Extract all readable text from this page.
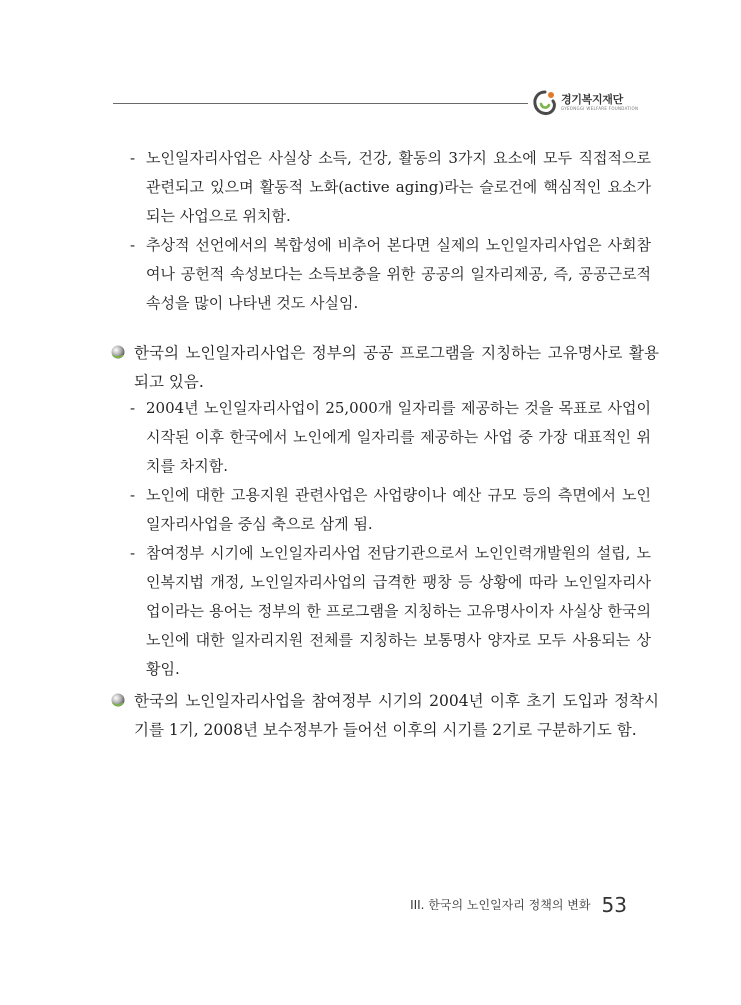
경기복지재단
GYEONGGI WELFARE FOUNDATION
- 노인일자리사업은 사실상 소득, 건강, 활동의 3가지 요소에 모두 직접적으로 관련되고 있으며 활동적 노화(active aging)라는 슬로건에 핵심적인 요소가 되는 사업으로 위치함.
- 추상적 선언에서의 복합성에 비추어 본다면 실제의 노인일자리사업은 사회참여나 공헌적 속성보다는 소득보충을 위한 공공의 일자리제공, 즉, 공공근로적 속성을 많이 나타낸 것도 사실임.
한국의 노인일자리사업은 정부의 공공 프로그램을 지칭하는 고유명사로 활용되고 있음.
- 2004년 노인일자리사업이 25,000개 일자리를 제공하는 것을 목표로 사업이 시작된 이후 한국에서 노인에게 일자리를 제공하는 사업 중 가장 대표적인 위치를 차지함.
- 노인에 대한 고용지원 관련사업은 사업량이나 예산 규모 등의 측면에서 노인일자리사업을 중심 축으로 삼게 됨.
- 참여정부 시기에 노인일자리사업 전담기관으로서 노인인력개발원의 설립, 노인복지법 개정, 노인일자리사업의 급격한 팽창 등 상황에 따라 노인일자리사업이라는 용어는 정부의 한 프로그램을 지칭하는 고유명사이자 사실상 한국의 노인에 대한 일자리지원 전체를 지칭하는 보통명사 양자로 모두 사용되는 상황임.
한국의 노인일자리사업을 참여정부 시기의 2004년 이후 초기 도입과 정착시기를 1기, 2008년 보수정부가 들어선 이후의 시기를 2기로 구분하기도 함.
III. 한국의 노인일자리 정책의 변화 53
